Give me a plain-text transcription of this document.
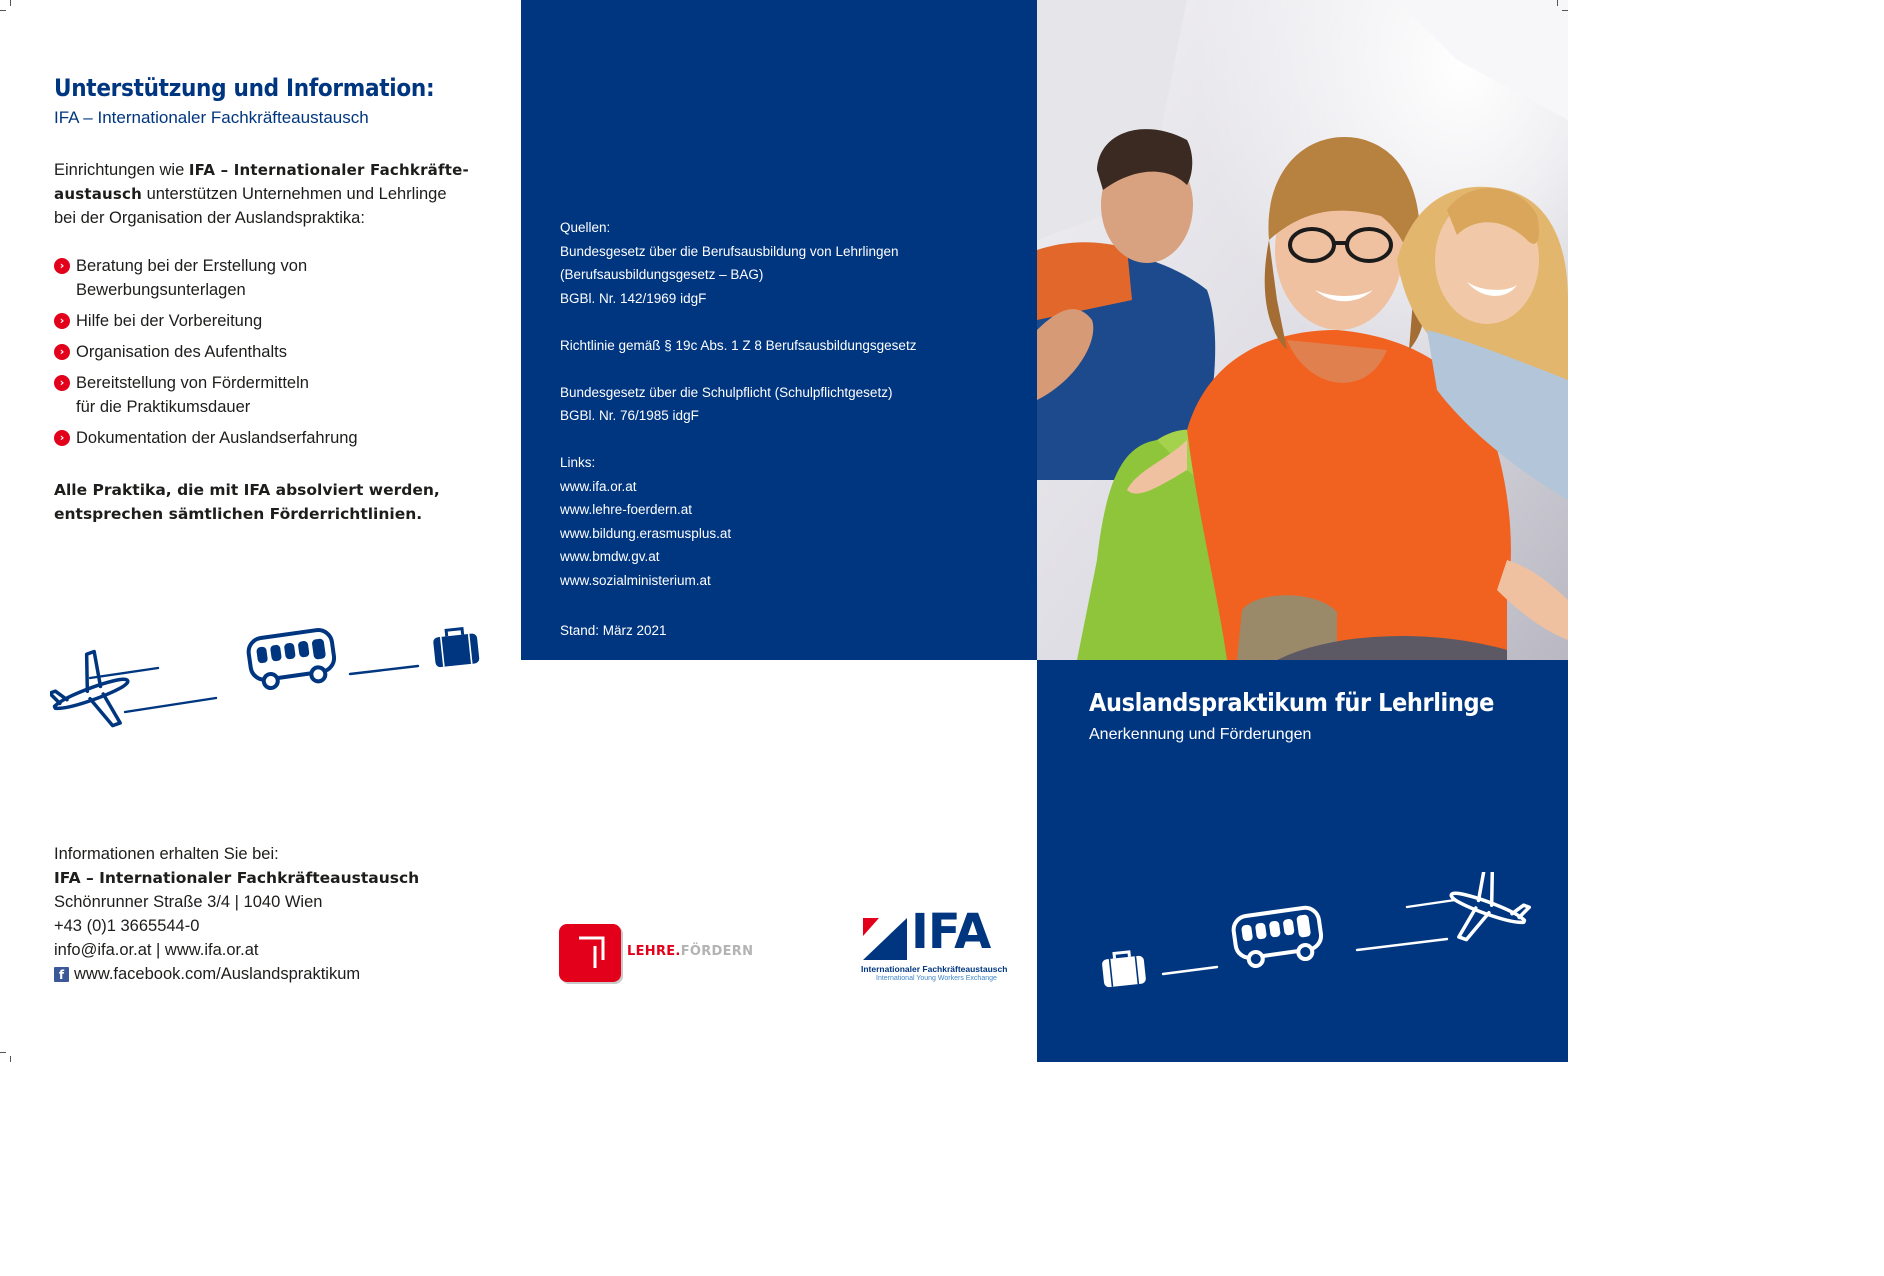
Unterstützung und Information:
IFA – Internationaler Fachkräfteaustausch
Einrichtungen wie IFA – Internationaler Fachkräfte-
austausch unterstützen Unternehmen und Lehrlinge
bei der Organisation der Auslandspraktika:
› Beratung bei der Erstellung von
Bewerbungsunterlagen
› Hilfe bei der Vorbereitung
› Organisation des Aufenthalts
› Bereitstellung von Fördermitteln
für die Praktikumsdauer
› Dokumentation der Auslandserfahrung
Alle Praktika, die mit IFA absolviert werden,
entsprechen sämtlichen Förderrichtlinien.
Informationen erhalten Sie bei:
IFA – Internationaler Fachkräfteaustausch
Schönrunner Straße 3/4 | 1040 Wien
+43 (0)1 3665544-0
info@ifa.or.at | www.ifa.or.at
f www.facebook.com/Auslandspraktikum
Quellen:
Bundesgesetz über die Berufsausbildung von Lehrlingen
(Berufsausbildungsgesetz – BAG)
BGBl. Nr. 142/1969 idgF
Richtlinie gemäß § 19c Abs. 1 Z 8 Berufsausbildungsgesetz
Bundesgesetz über die Schulpflicht (Schulpflichtgesetz)
BGBl. Nr. 76/1985 idgF
Links:
www.ifa.or.at
www.lehre-foerdern.at
www.bildung.erasmusplus.at
www.bmdw.gv.at
www.sozialministerium.at
Stand: März 2021
LEHRE.FÖRDERN	IFA
Internationaler Fachkräfteaustausch
International Young Workers Exchange
Auslandspraktikum für Lehrlinge
Anerkennung und Förderungen
